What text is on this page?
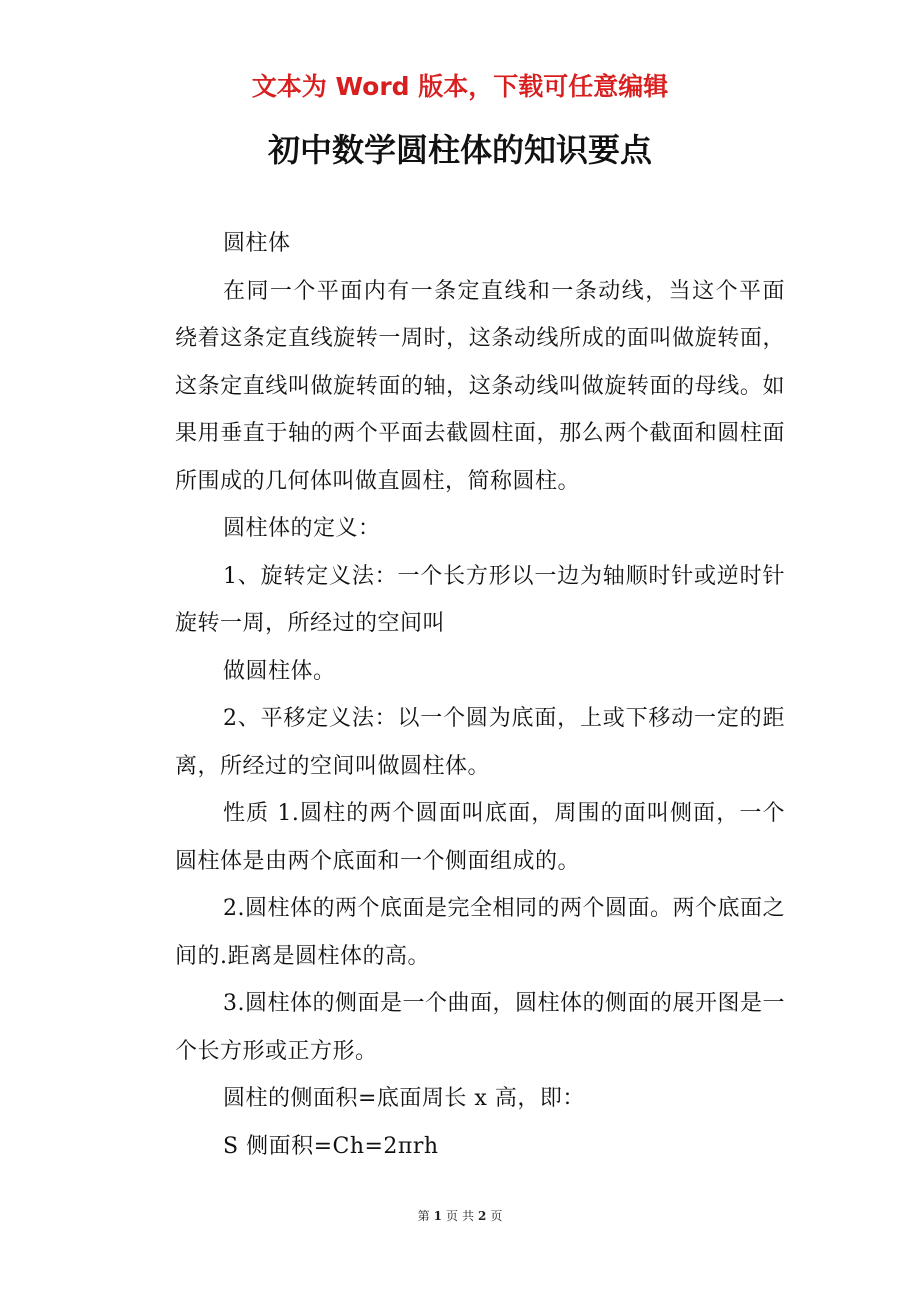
文本为 Word 版本，下载可任意编辑
初中数学圆柱体的知识要点

圆柱体

在同一个平面内有一条定直线和一条动线，当这个平面绕着这条定直线旋转一周时，这条动线所成的面叫做旋转面，这条定直线叫做旋转面的轴，这条动线叫做旋转面的母线。如果用垂直于轴的两个平面去截圆柱面，那么两个截面和圆柱面所围成的几何体叫做直圆柱，简称圆柱。

圆柱体的定义：

1、旋转定义法：一个长方形以一边为轴顺时针或逆时针旋转一周，所经过的空间叫

做圆柱体。

2、平移定义法：以一个圆为底面，上或下移动一定的距离，所经过的空间叫做圆柱体。

性质 1.圆柱的两个圆面叫底面，周围的面叫侧面，一个圆柱体是由两个底面和一个侧面组成的。

2.圆柱体的两个底面是完全相同的两个圆面。两个底面之间的.距离是圆柱体的高。

3.圆柱体的侧面是一个曲面，圆柱体的侧面的展开图是一个长方形或正方形。

圆柱的侧面积=底面周长 x 高，即：

S 侧面积=Ch=2πrh

第 1 页 共 2 页
